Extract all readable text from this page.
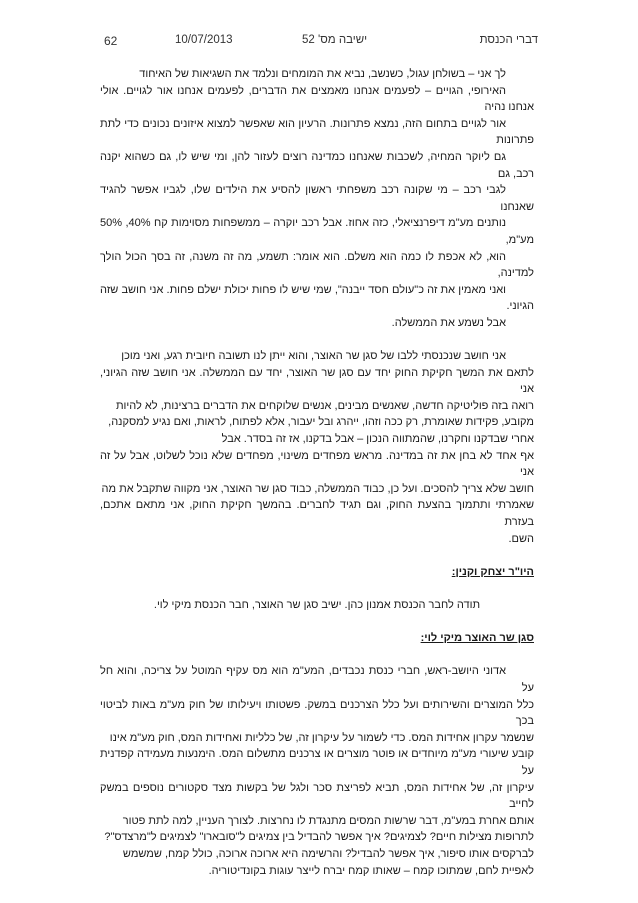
62	10/07/2013	ישיבה מס' 52	דברי הכנסת

לך אני – בשולחן עגול, כשנשב, נביא את המומחים ונלמד את השגיאות של האיחוד

האירופי, הגויים – לפעמים אנחנו מאמצים את הדברים, לפעמים אנחנו אור לגויים. אולי אנחנו נהיה

אור לגויים בתחום הזה, נמצא פתרונות. הרעיון הוא שאפשר למצוא איזונים נכונים כדי לתת פתרונות

גם ליוקר המחיה, לשכבות שאנחנו כמדינה רוצים לעזור להן, ומי שיש לו, גם כשהוא יקנה רכב, גם

לגבי רכב – מי שקונה רכב משפחתי ראשון להסיע את הילדים שלו, לגביו אפשר להגיד שאנחנו

נותנים מע"מ דיפרנציאלי, כזה אחוז. אבל רכב יוקרה – ממשפחות מסוימות קח 40%, 50% מע"מ,

הוא, לא אכפת לו כמה הוא משלם. הוא אומר: תשמע, מה זה משנה, זה בסך הכול הולך למדינה,

ואני מאמין את זה כ"עולם חסד ייבנה", שמי שיש לו פחות יכולת ישלם פחות. אני חושב שזה הגיוני.

אבל נשמע את הממשלה.

אני חושב שנכנסתי ללבו של סגן שר האוצר, והוא ייתן לנו תשובה חיובית רגע, ואני מוכן

לתאם את המשך חקיקת החוק יחד עם סגן שר האוצר, יחד עם הממשלה. אני חושב שזה הגיוני, אני

רואה בזה פוליטיקה חדשה, שאנשים מבינים, אנשים שלוקחים את הדברים ברצינות, לא להיות

מקובע, פקידות שאומרת, רק ככה וזהו, ייהרג ובל יעבור, אלא לפתוח, לראות, ואם נגיע למסקנה,

אחרי שבדקנו וחקרנו, שהמתווה הנכון – אבל בדקנו, אז זה בסדר. אבל

אף אחד לא בחן את זה במדינה. מראש מפחדים משינוי, מפחדים שלא נוכל לשלוט, אבל על זה אני

חושב שלא צריך להסכים. ועל כן, כבוד הממשלה, כבוד סגן שר האוצר, אני מקווה שתקבל את מה

שאמרתי ותתמוך בהצעת החוק, וגם תגיד לחברים. בהמשך חקיקת החוק, אני מתאם אתכם, בעזרת

השם.

היו"ר יצחק וקנין:
תודה לחבר הכנסת אמנון כהן. ישיב סגן שר האוצר, חבר הכנסת מיקי לוי.
סגן שר האוצר מיקי לוי:

אדוני היושב-ראש, חברי כנסת נכבדים, המע"מ הוא מס עקיף המוטל על צריכה, והוא חל על

כלל המוצרים והשירותים ועל כלל הצרכנים במשק. פשטותו ויעילותו של חוק מע"מ באות לביטוי בכך

שנשמר עקרון אחידות המס. כדי לשמור על עיקרון זה, של כלליות ואחידות המס, חוק מע"מ אינו

קובע שיעורי מע"מ מיוחדים או פוטר מוצרים או צרכנים מתשלום המס. הימנעות מעמידה קפדנית על

עיקרון זה, של אחידות המס, תביא לפריצת סכר ולגל של בקשות מצד סקטורים נוספים במשק לחייב

אותם אחרת במע"מ, דבר שרשות המסים מתנגדת לו נחרצות. לצורך העניין, למה לתת פטור

לתרופות מצילות חיים? לצמיגים? איך אפשר להבדיל בין צמיגים ל"סובארו" לצמיגים ל"מרצדס"?

לברקסים אותו סיפור, איך אפשר להבדיל? והרשימה היא ארוכה ארוכה, כולל קמח, שמשמש

לאפיית לחם, שמתוכו קמח – שאותו קמח יברח לייצר עוגות בקונדיטוריה.
